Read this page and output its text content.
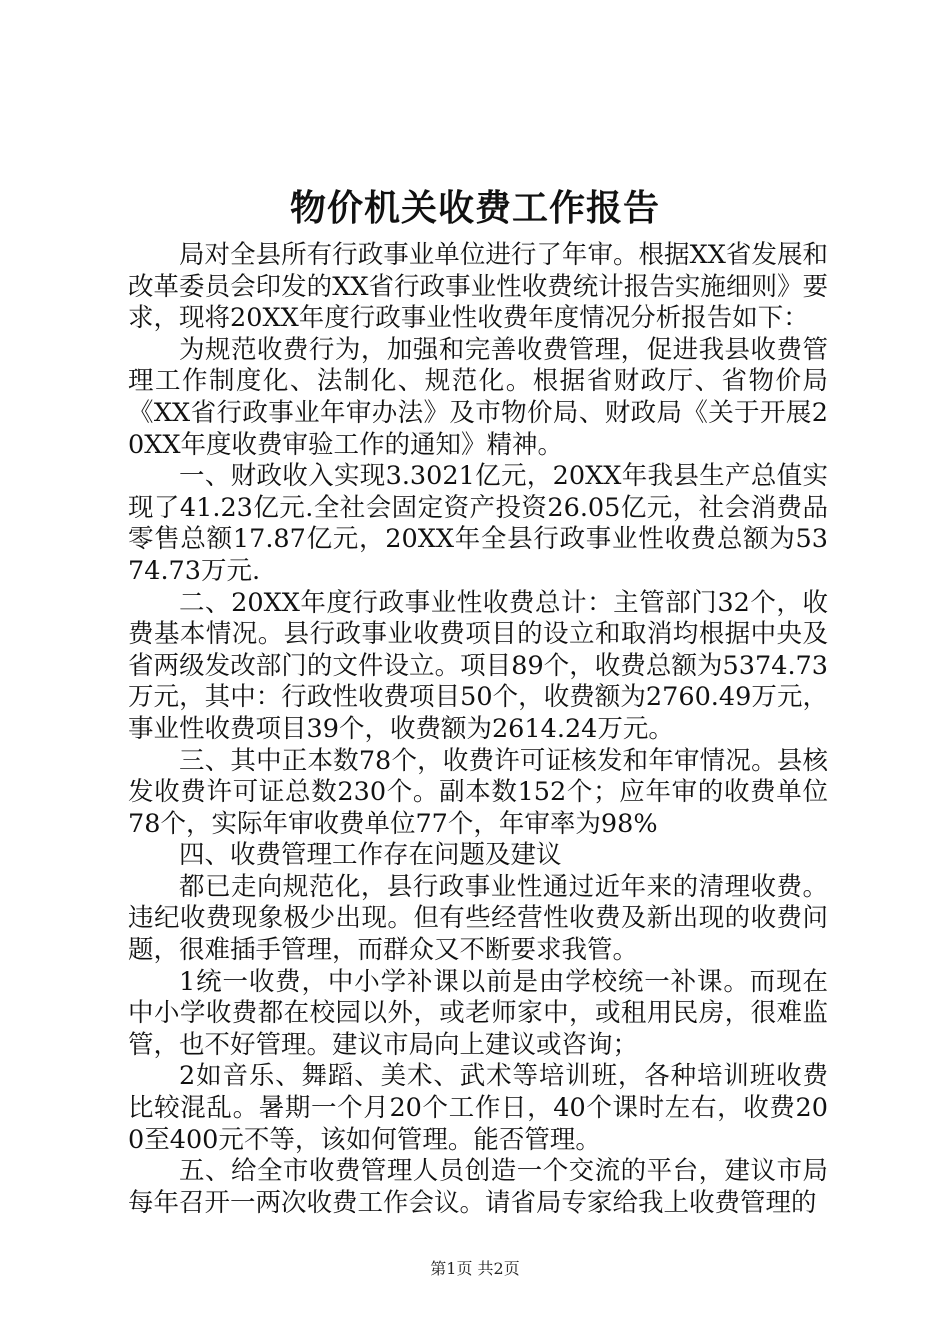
物价机关收费工作报告

局对全县所有行政事业单位进行了年审。根据XX省发展和改革委员会印发的XX省行政事业性收费统计报告实施细则》要求，现将20XX年度行政事业性收费年度情况分析报告如下：

为规范收费行为，加强和完善收费管理，促进我县收费管理工作制度化、法制化、规范化。根据省财政厅、省物价局《XX省行政事业年审办法》及市物价局、财政局《关于开展20XX年度收费审验工作的通知》精神。

一、财政收入实现3.3021亿元，20XX年我县生产总值实现了41.23亿元.全社会固定资产投资26.05亿元，社会消费品零售总额17.87亿元，20XX年全县行政事业性收费总额为5374.73万元.

二、20XX年度行政事业性收费总计：主管部门32个，收费基本情况。县行政事业收费项目的设立和取消均根据中央及省两级发改部门的文件设立。项目89个，收费总额为5374.73万元，其中：行政性收费项目50个，收费额为2760.49万元，事业性收费项目39个，收费额为2614.24万元。

三、其中正本数78个，收费许可证核发和年审情况。县核发收费许可证总数230个。副本数152个；应年审的收费单位78个，实际年审收费单位77个，年审率为98%

四、收费管理工作存在问题及建议

都已走向规范化，县行政事业性通过近年来的清理收费。违纪收费现象极少出现。但有些经营性收费及新出现的收费问题，很难插手管理，而群众又不断要求我管。

1统一收费，中小学补课以前是由学校统一补课。而现在中小学收费都在校园以外，或老师家中，或租用民房，很难监管，也不好管理。建议市局向上建议或咨询；

2如音乐、舞蹈、美术、武术等培训班，各种培训班收费比较混乱。暑期一个月20个工作日，40个课时左右，收费200至400元不等，该如何管理。能否管理。

五、给全市收费管理人员创造一个交流的平台，建议市局每年召开一两次收费工作会议。请省局专家给我上收费管理的

第1页 共2页
